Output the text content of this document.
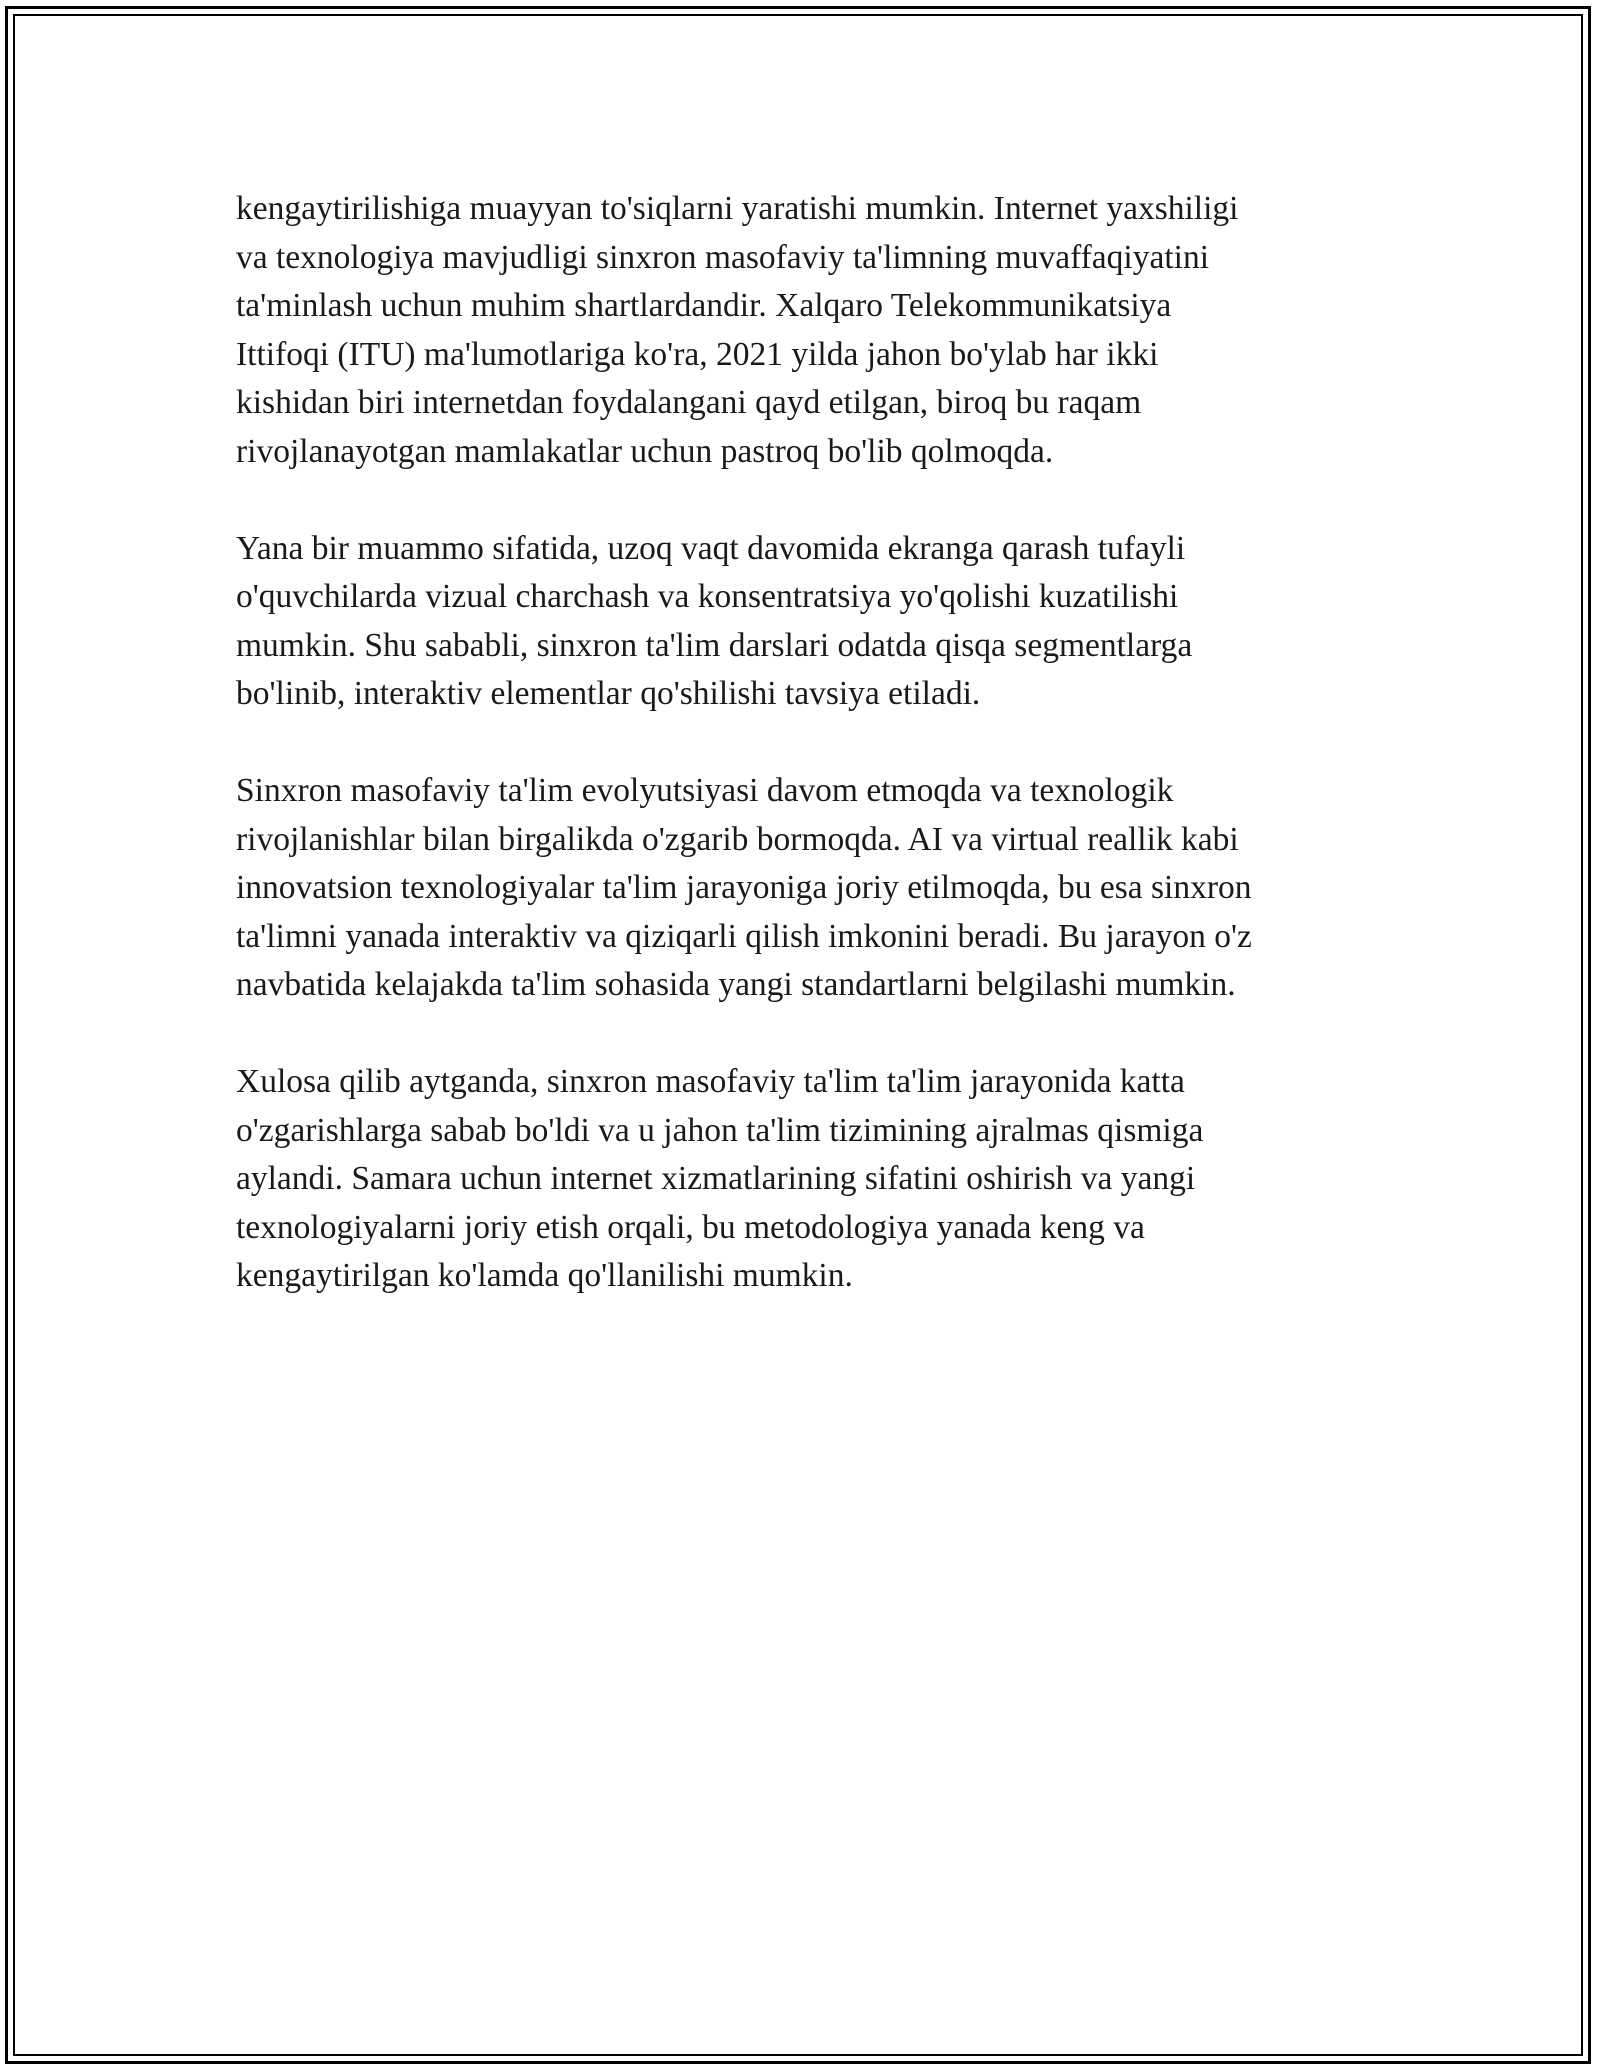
kengaytirilishiga muayyan to'siqlarni yaratishi mumkin. Internet yaxshiligi
va texnologiya mavjudligi sinxron masofaviy ta'limning muvaffaqiyatini
ta'minlash uchun muhim shartlardandir. Xalqaro Telekommunikatsiya
Ittifoqi (ITU) ma'lumotlariga ko'ra, 2021 yilda jahon bo'ylab har ikki
kishidan biri internetdan foydalangani qayd etilgan, biroq bu raqam
rivojlanayotgan mamlakatlar uchun pastroq bo'lib qolmoqda.

Yana bir muammo sifatida, uzoq vaqt davomida ekranga qarash tufayli
o'quvchilarda vizual charchash va konsentratsiya yo'qolishi kuzatilishi
mumkin. Shu sababli, sinxron ta'lim darslari odatda qisqa segmentlarga
bo'linib, interaktiv elementlar qo'shilishi tavsiya etiladi.

Sinxron masofaviy ta'lim evolyutsiyasi davom etmoqda va texnologik
rivojlanishlar bilan birgalikda o'zgarib bormoqda. AI va virtual reallik kabi
innovatsion texnologiyalar ta'lim jarayoniga joriy etilmoqda, bu esa sinxron
ta'limni yanada interaktiv va qiziqarli qilish imkonini beradi. Bu jarayon o'z
navbatida kelajakda ta'lim sohasida yangi standartlarni belgilashi mumkin.

Xulosa qilib aytganda, sinxron masofaviy ta'lim ta'lim jarayonida katta
o'zgarishlarga sabab bo'ldi va u jahon ta'lim tizimining ajralmas qismiga
aylandi. Samara uchun internet xizmatlarining sifatini oshirish va yangi
texnologiyalarni joriy etish orqali, bu metodologiya yanada keng va
kengaytirilgan ko'lamda qo'llanilishi mumkin.
